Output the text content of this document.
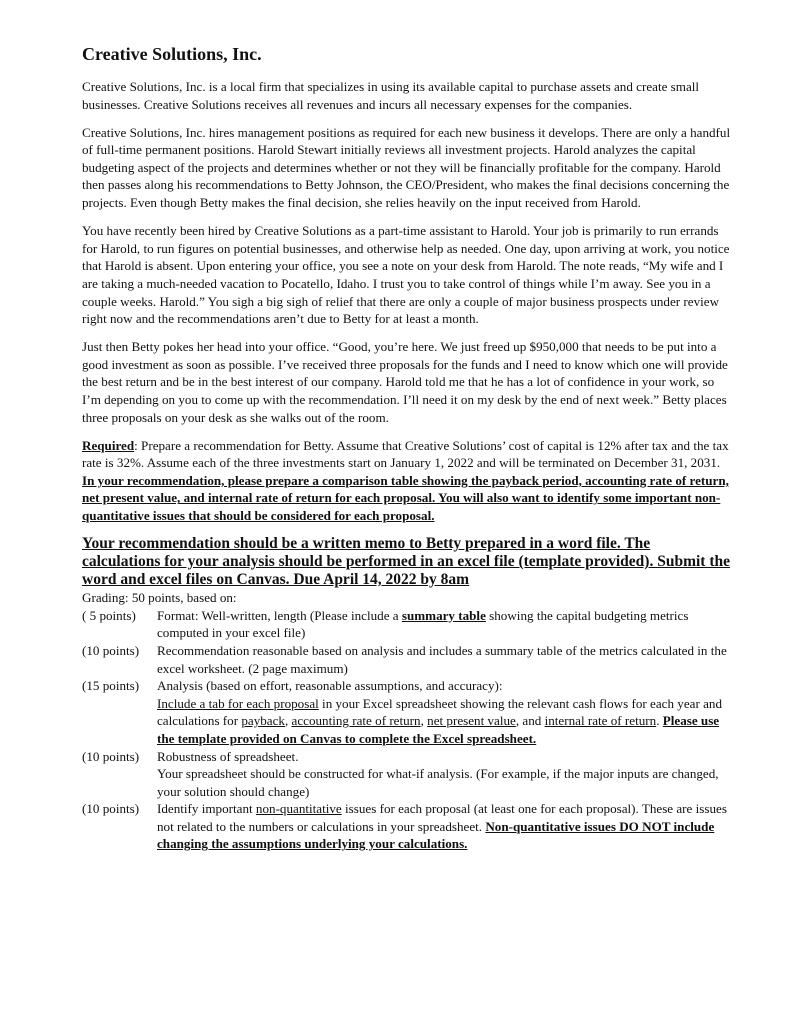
Creative Solutions, Inc.

Creative Solutions, Inc. is a local firm that specializes in using its available capital to purchase assets and create small businesses. Creative Solutions receives all revenues and incurs all necessary expenses for the companies.

Creative Solutions, Inc. hires management positions as required for each new business it develops. There are only a handful of full-time permanent positions. Harold Stewart initially reviews all investment projects. Harold analyzes the capital budgeting aspect of the projects and determines whether or not they will be financially profitable for the company. Harold then passes along his recommendations to Betty Johnson, the CEO/President, who makes the final decisions concerning the projects. Even though Betty makes the final decision, she relies heavily on the input received from Harold.

You have recently been hired by Creative Solutions as a part-time assistant to Harold. Your job is primarily to run errands for Harold, to run figures on potential businesses, and otherwise help as needed. One day, upon arriving at work, you notice that Harold is absent. Upon entering your office, you see a note on your desk from Harold. The note reads, “My wife and I are taking a much-needed vacation to Pocatello, Idaho. I trust you to take control of things while I’m away. See you in a couple weeks. Harold.” You sigh a big sigh of relief that there are only a couple of major business prospects under review right now and the recommendations aren’t due to Betty for at least a month.

Just then Betty pokes her head into your office. “Good, you’re here. We just freed up $950,000 that needs to be put into a good investment as soon as possible. I’ve received three proposals for the funds and I need to know which one will provide the best return and be in the best interest of our company. Harold told me that he has a lot of confidence in your work, so I’m depending on you to come up with the recommendation. I’ll need it on my desk by the end of next week.” Betty places three proposals on your desk as she walks out of the room.

Required: Prepare a recommendation for Betty. Assume that Creative Solutions’ cost of capital is 12% after tax and the tax rate is 32%. Assume each of the three investments start on January 1, 2022 and will be terminated on December 31, 2031. In your recommendation, please prepare a comparison table showing the payback period, accounting rate of return, net present value, and internal rate of return for each proposal. You will also want to identify some important non-quantitative issues that should be considered for each proposal.

Your recommendation should be a written memo to Betty prepared in a word file. The calculations for your analysis should be performed in an excel file (template provided). Submit the word and excel files on Canvas. Due April 14, 2022 by 8am

Grading: 50 points, based on:

( 5 points)	Format: Well-written, length (Please include a summary table showing the capital budgeting metrics computed in your excel file)
(10 points)	Recommendation reasonable based on analysis and includes a summary table of the metrics calculated in the excel worksheet. (2 page maximum)
(15 points)	Analysis (based on effort, reasonable assumptions, and accuracy):
Include a tab for each proposal in your Excel spreadsheet showing the relevant cash flows for each year and calculations for payback, accounting rate of return, net present value, and internal rate of return. Please use the template provided on Canvas to complete the Excel spreadsheet.
(10 points)	Robustness of spreadsheet.
Your spreadsheet should be constructed for what-if analysis. (For example, if the major inputs are changed, your solution should change)
(10 points)	Identify important non-quantitative issues for each proposal (at least one for each proposal). These are issues not related to the numbers or calculations in your spreadsheet. Non-quantitative issues DO NOT include changing the assumptions underlying your calculations.
